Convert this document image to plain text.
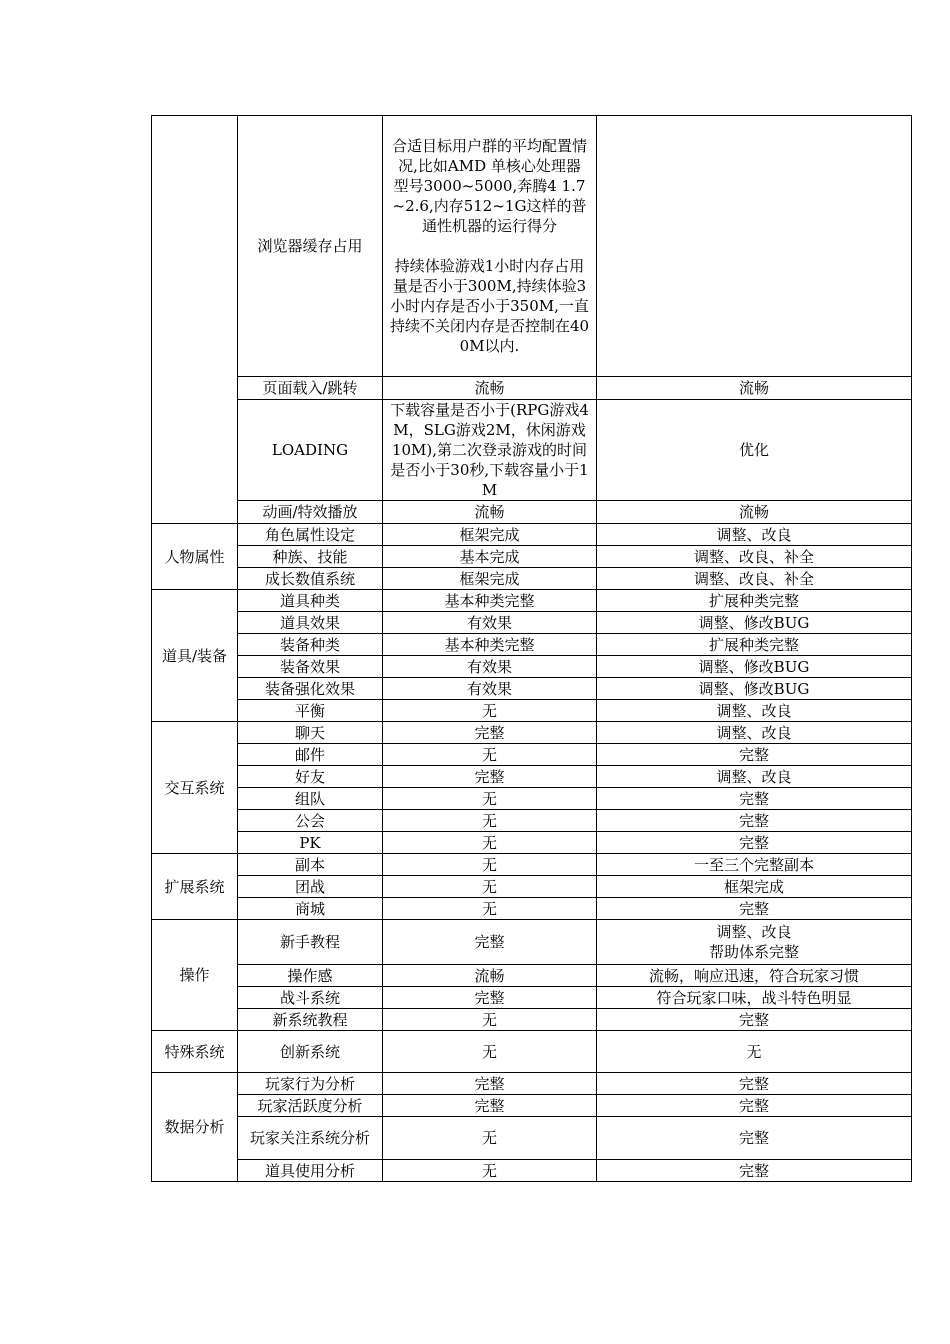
	浏览器缓存占用	合适目标用户群的平均配置情况,比如AMD 单核心处理器 型号3000~5000,奔腾4 1.7~2.6,内存512~1G这样的普通性机器的运行得分
持续体验游戏1小时内存占用量是否小于300M,持续体验3小时内存是否小于350M,一直持续不关闭内存是否控制在400M以内.	

	页面载入/跳转	流畅	流畅
	LOADING	下载容量是否小于(RPG游戏4M，SLG游戏2M，休闲游戏10M),第二次登录游戏的时间是否小于30秒,下载容量小于1M	优化
	动画/特效播放	流畅	流畅
人物属性	角色属性设定	框架完成	调整、改良
	种族、技能	基本完成	调整、改良、补全
	成长数值系统	框架完成	调整、改良、补全
道具/装备	道具种类	基本种类完整	扩展种类完整
	道具效果	有效果	调整、修改BUG
	装备种类	基本种类完整	扩展种类完整
	装备效果	有效果	调整、修改BUG
	装备强化效果	有效果	调整、修改BUG
	平衡	无	调整、改良
交互系统	聊天	完整	调整、改良
	邮件	无	完整
	好友	完整	调整、改良
	组队	无	完整
	公会	无	完整
	PK	无	完整
扩展系统	副本	无	一至三个完整副本
	团战	无	框架完成
	商城	无	完整
操作	新手教程	完整	调整、改良
帮助体系完整

	操作感	流畅	流畅，响应迅速，符合玩家习惯
	战斗系统	完整	符合玩家口味，战斗特色明显
	新系统教程	无	完整
特殊系统	创新系统	无	无
数据分析	玩家行为分析	完整	完整
	玩家活跃度分析	完整	完整
	玩家关注系统分析	无	完整
	道具使用分析	无	完整
